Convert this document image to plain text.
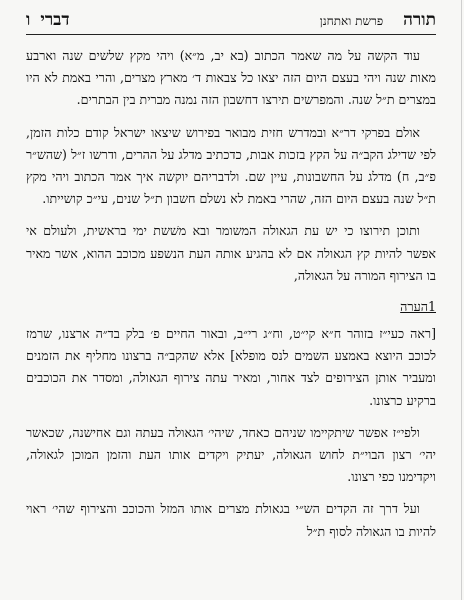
תורה
פרשת ואתחנן
דברי
ו

עוד הקשה על מה שאמר הכתוב (בא יב, מ״א) ויהי מקץ שלשים שנה וארבע מאות שנה ויהי בעצם היום הזה יצאו כל צבאות ד׳ מארץ מצרים, והרי באמת לא היו במצרים ת״ל שנה. והמפרשים תירצו דחשבון הזה נמנה מברית בין הבתרים.

אולם בפרקי דר״א ובמדרש חזית מבואר בפירוש שיצאו ישראל קודם כלות הזמן, לפי שדילג הקב״ה על הקץ בזכות אבות, כדכתיב מדלג על ההרים, ודרשו ז״ל (שהש״ר פ״ב, ח) מדלג על החשבונות, עיין שם. ולדבריהם יוקשה איך אמר הכתוב ויהי מקץ ת״ל שנה בעצם היום הזה, שהרי באמת לא נשלם חשבון ת״ל שנים, עי״כ קושייתו.

ותוכן תירוצו כי יש עת הגאולה המשומר ובא משׁשת ימי בראשית, ולעולם אי אפשר להיות קץ הגאולה אם לא בהגיע אותה העת הנשפע מכוכב ההוא, אשר מאיר בו הצירוף המורה על הגאולה,

1הערה

[ראה כעי״ז בזוהר ח״א קי״ט, וח״ג רי״ב, ובאור החיים פ׳ בלק בד״ה ארצנו, שרמז לכוכב היוצא באמצע השמים לנס מופלא] אלא שהקב״ה ברצונו מחליף את הזמנים ומעביר אותן הצירופים לצד אחור, ומאיר עתה צירוף הגאולה, ומסדר את הכוכבים ברקיע כרצונו.

ולפי״ז אפשר שיתקיימו שניהם כאחד, שיהי׳ הגאולה בעתה וגם אחישנה, שכאשר יהי׳ רצון הבוי״ת לחוש הגאולה, יעתיק ויקדים אותו העת והזמן המוכן לגאולה, ויקדימנו כפי רצונו.

ועל דרך זה הקדים הש״י בגאולת מצרים אותו המזל והכוכב והצירוף שהי׳ ראוי להיות בו הגאולה לסוף ת״ל
